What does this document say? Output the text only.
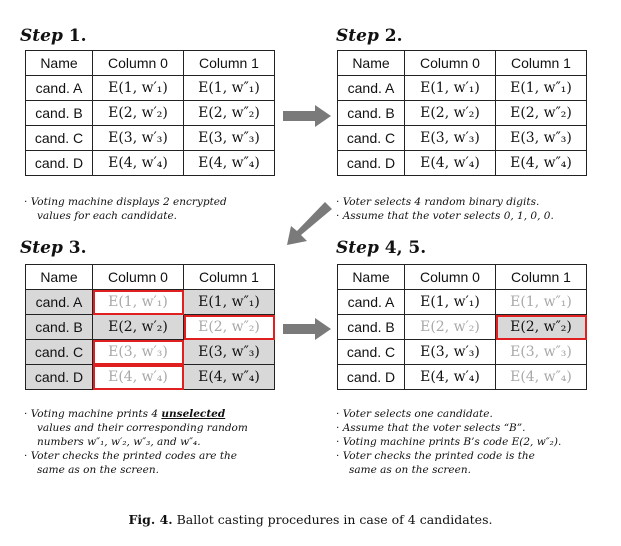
Step 1.
Name	Column 0	Column 1
cand. A	E(1, w′₁)	E(1, w″₁)
cand. B	E(2, w′₂)	E(2, w″₂)
cand. C	E(3, w′₃)	E(3, w″₃)
cand. D	E(4, w′₄)	E(4, w″₄)
· Voting machine displays 2 encrypted
values for each candidate.
Step 2.
Name	Column 0	Column 1
cand. A	E(1, w′₁)	E(1, w″₁)
cand. B	E(2, w′₂)	E(2, w″₂)
cand. C	E(3, w′₃)	E(3, w″₃)
cand. D	E(4, w′₄)	E(4, w″₄)
· Voter selects 4 random binary digits.
· Assume that the voter selects 0, 1, 0, 0.
Step 3.
Name	Column 0	Column 1
cand. A	E(1, w′₁)	E(1, w″₁)
cand. B	E(2, w′₂)	E(2, w″₂)
cand. C	E(3, w′₃)	E(3, w″₃)
cand. D	E(4, w′₄)	E(4, w″₄)
· Voting machine prints 4 unselected
values and their corresponding random
numbers w″₁, w′₂, w″₃, and w″₄.
· Voter checks the printed codes are the
same as on the screen.
Step 4, 5.
Name	Column 0	Column 1
cand. A	E(1, w′₁)	E(1, w″₁)
cand. B	E(2, w′₂)	E(2, w″₂)
cand. C	E(3, w′₃)	E(3, w″₃)
cand. D	E(4, w′₄)	E(4, w″₄)
· Voter selects one candidate.
· Assume that the voter selects “B”.
· Voting machine prints B’s code E(2, w″₂).
· Voter checks the printed code is the
same as on the screen.
Fig. 4. Ballot casting procedures in case of 4 candidates.
